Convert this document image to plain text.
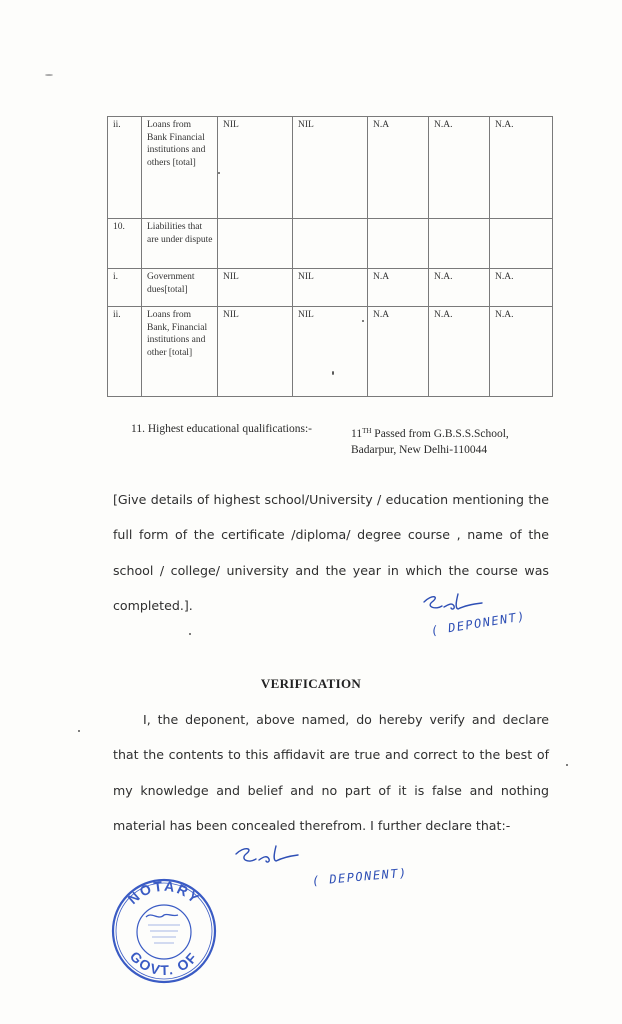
ii.	Loans from Bank Financial institutions and others [total]	NIL	NIL	N.A	N.A.	N.A.
10.	Liabilities that are under dispute					
i.	Government dues[total]	NIL	NIL	N.A	N.A.	N.A.
ii.	Loans from Bank, Financial institutions and other [total]	NIL	NIL	N.A	N.A.	N.A.
11. Highest educational qualifications:-	11TH Passed from G.B.S.S.School,
Badarpur, New Delhi-110044
[Give details of highest school/University / education mentioning the full form of the certificate /diploma/ degree course , name of the school / college/ university and the year in which the course was completed.].
( DEPONENT)
VERIFICATION
I, the deponent, above named, do hereby verify and declare that the contents to this affidavit are true and correct to the best of my knowledge and belief and no part of it is false and nothing material has been concealed therefrom. I further declare that:-
( DEPONENT)
NOTARY
GOVT. OF
